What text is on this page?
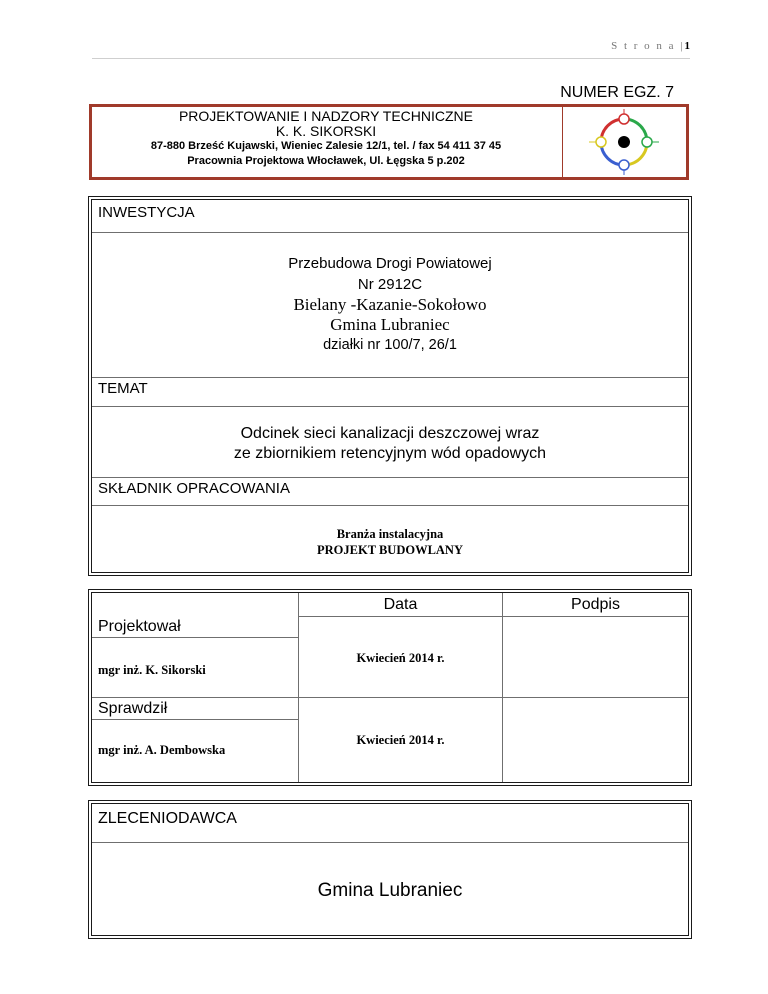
S t r o n a |1
NUMER EGZ. 7
PROJEKTOWANIE I NADZORY TECHNICZNE
K. K. SIKORSKI
87-880 Brześć Kujawski, Wieniec Zalesie 12/1, tel. / fax 54 411 37 45
Pracownia Projektowa Włocławek, Ul. Łęgska 5 p.202
INWESTYCJA
Przebudowa Drogi Powiatowej
Nr 2912C
Bielany -Kazanie-Sokołowo
Gmina Lubraniec
działki nr 100/7, 26/1
TEMAT
Odcinek sieci kanalizacji deszczowej wraz
ze zbiornikiem retencyjnym wód opadowych
SKŁADNIK OPRACOWANIA
Branża instalacyjna
PROJEKT BUDOWLANY
Data	Podpis
Projektował
mgr inż. K. Sikorski
Kwiecień 2014 r.
Sprawdził
mgr inż. A. Dembowska
Kwiecień 2014 r.
ZLECENIODAWCA
Gmina Lubraniec
